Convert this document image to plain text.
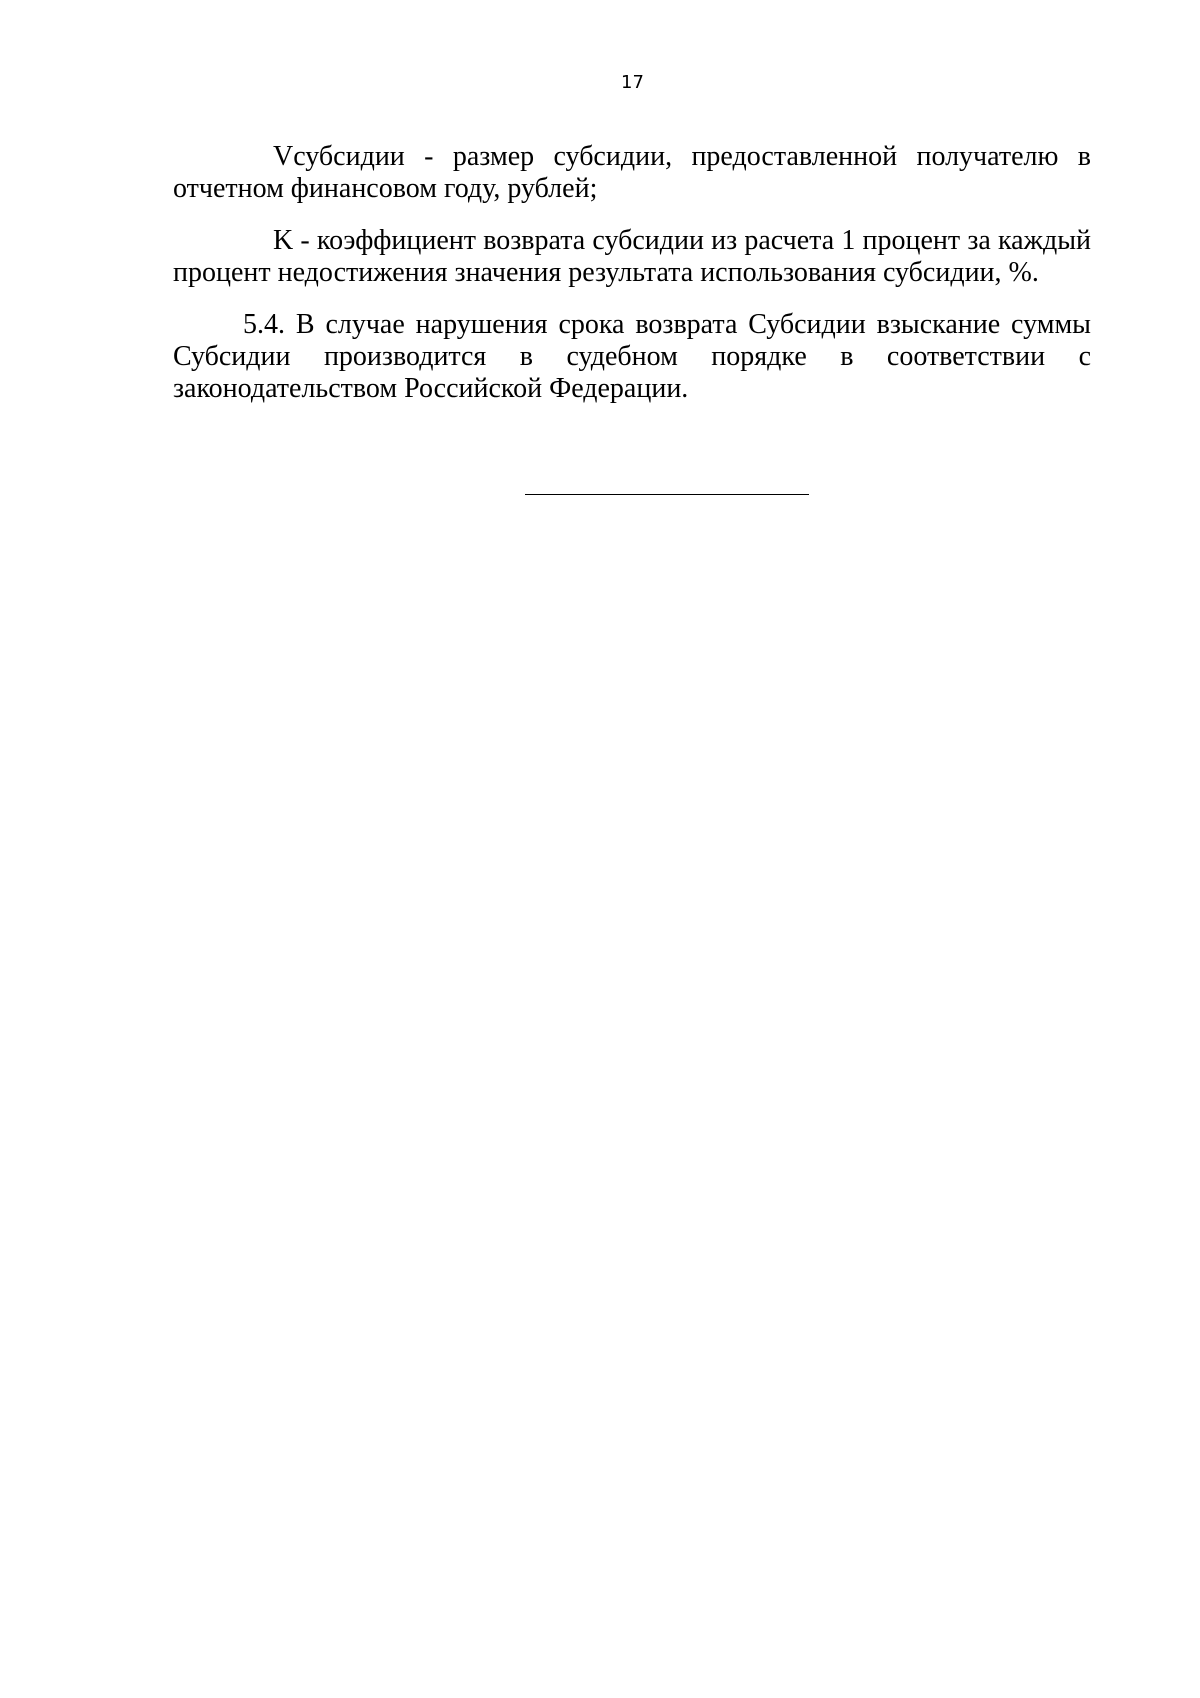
17

Vсубсидии - размер субсидии, предоставленной получателю в отчетном финансовом году, рублей;

K - коэффициент возврата субсидии из расчета 1 процент за каждый процент недостижения значения результата использования субсидии, %.

5.4. В случае нарушения срока возврата Субсидии взыскание суммы Субсидии производится в судебном порядке в соответствии с законодательством Российской Федерации.
